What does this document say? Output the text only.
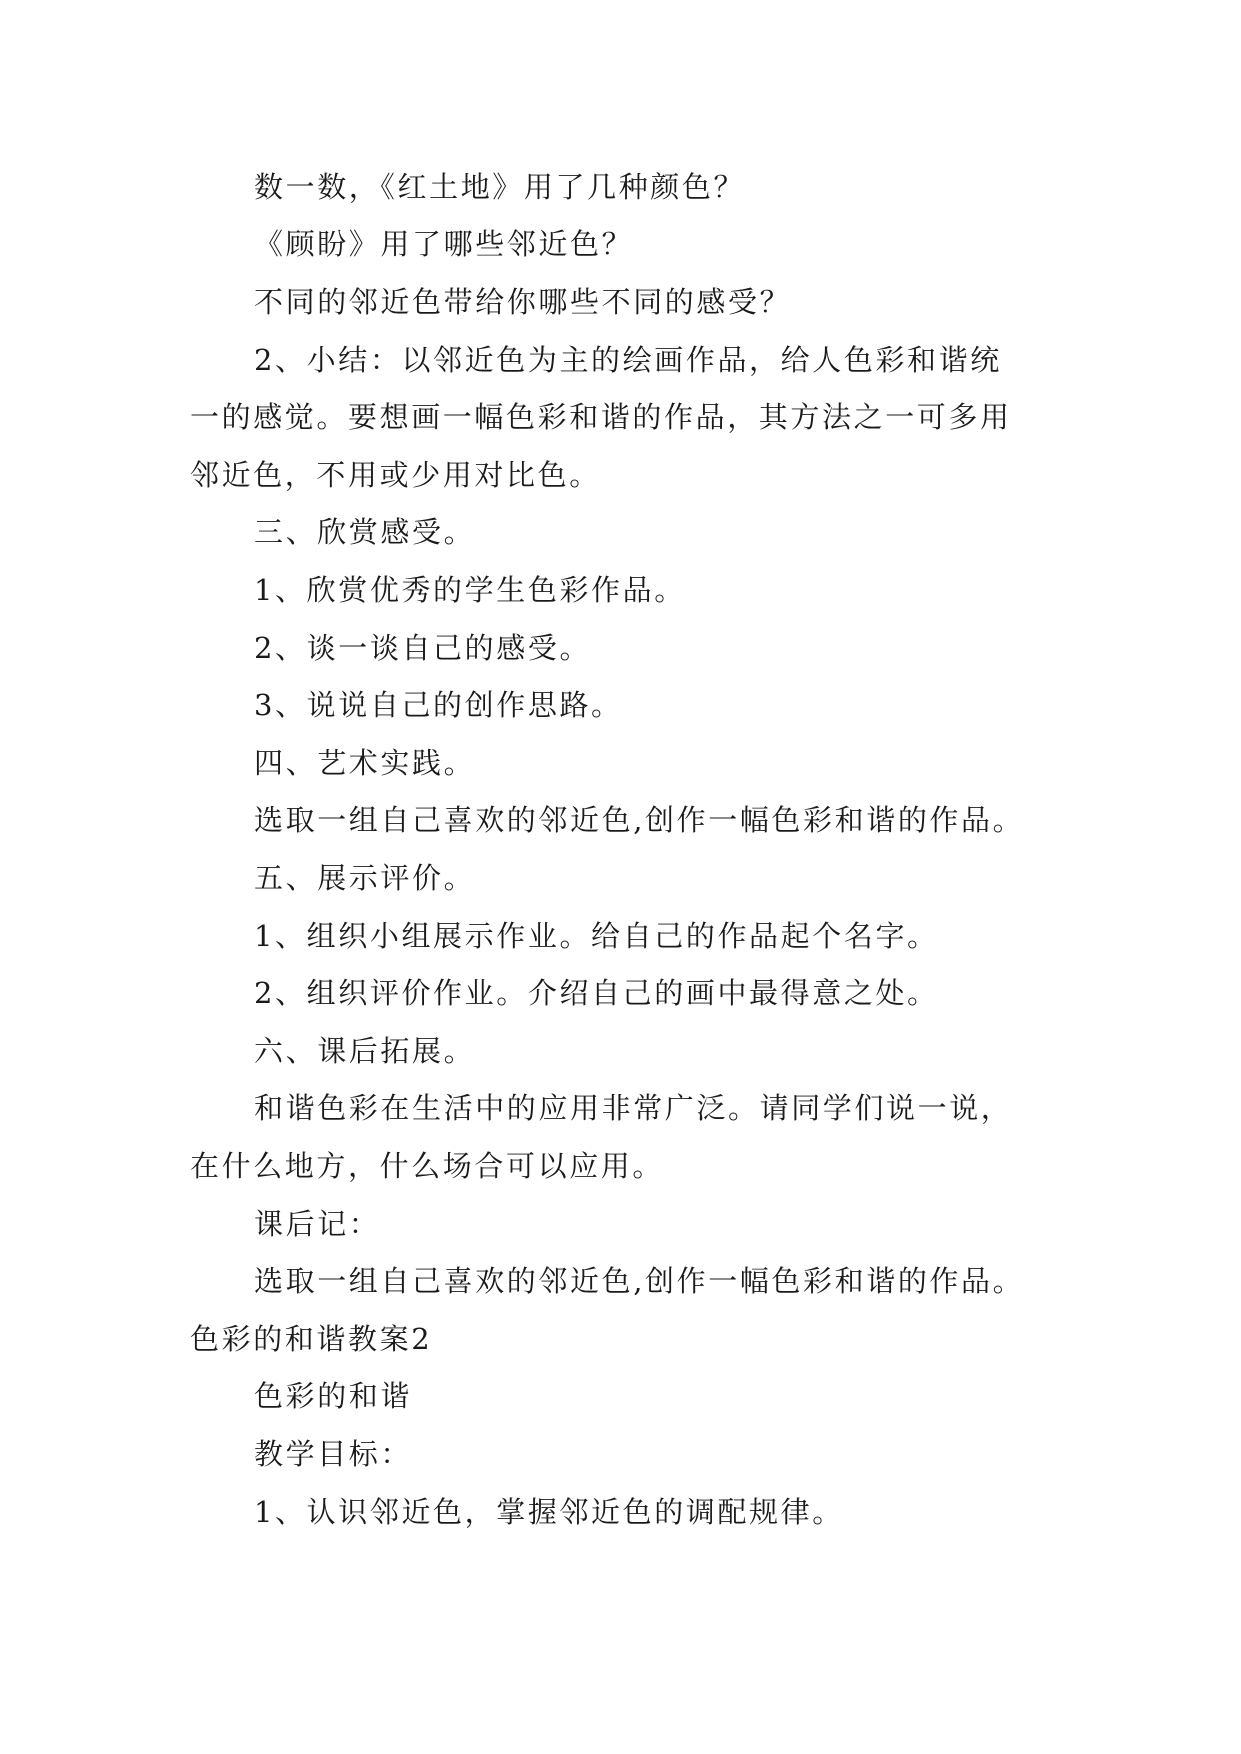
数一数，《红土地》用了几种颜色？
《顾盼》用了哪些邻近色？
不同的邻近色带给你哪些不同的感受？
2、小结：以邻近色为主的绘画作品，给人色彩和谐统
一的感觉。要想画一幅色彩和谐的作品，其方法之一可多用
邻近色，不用或少用对比色。
三、欣赏感受。
1、欣赏优秀的学生色彩作品。
2、谈一谈自己的感受。
3、说说自己的创作思路。
四、艺术实践。
选取一组自己喜欢的邻近色,创作一幅色彩和谐的作品。
五、展示评价。
1、组织小组展示作业。给自己的作品起个名字。
2、组织评价作业。介绍自己的画中最得意之处。
六、课后拓展。
和谐色彩在生活中的应用非常广泛。请同学们说一说，
在什么地方，什么场合可以应用。
课后记：
选取一组自己喜欢的邻近色,创作一幅色彩和谐的作品。
色彩的和谐教案2
色彩的和谐
教学目标：
1、认识邻近色，掌握邻近色的调配规律。
